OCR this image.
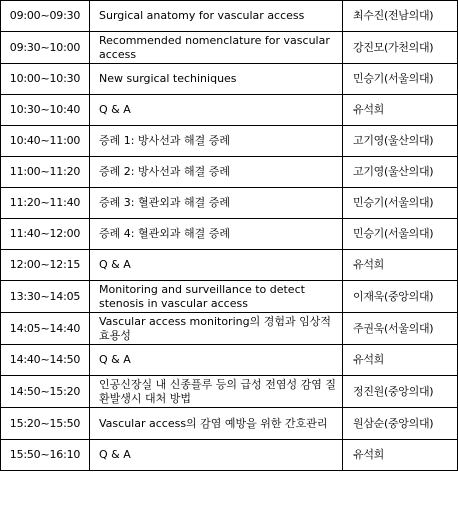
09:00~09:30	Surgical anatomy for vascular access	최수진(전남의대)
09:30~10:00	Recommended nomenclature for vascular access	강진모(가천의대)
10:00~10:30	New surgical techiniques	민승기(서울의대)
10:30~10:40	Q & A	유석희
10:40~11:00	증례 1: 방사선과 해결 증례	고기영(울산의대)
11:00~11:20	증례 2: 방사선과 해결 증례	고기영(울산의대)
11:20~11:40	증례 3: 혈관외과 해결 증례	민승기(서울의대)
11:40~12:00	증례 4: 혈관외과 해결 증례	민승기(서울의대)
12:00~12:15	Q & A	유석희
13:30~14:05	Monitoring and surveillance to detect stenosis in vascular access	이재욱(중앙의대)
14:05~14:40	Vascular access monitoring의 경험과 임상적 효용성	주권욱(서울의대)
14:40~14:50	Q & A	유석희
14:50~15:20	인공신장실 내 신종플루 등의 급성 전염성 감염 질환발생시 대처 방법	정진원(중앙의대)
15:20~15:50	Vascular access의 감염 예방을 위한 간호관리	원삼순(중앙의대)
15:50~16:10	Q & A	유석희
